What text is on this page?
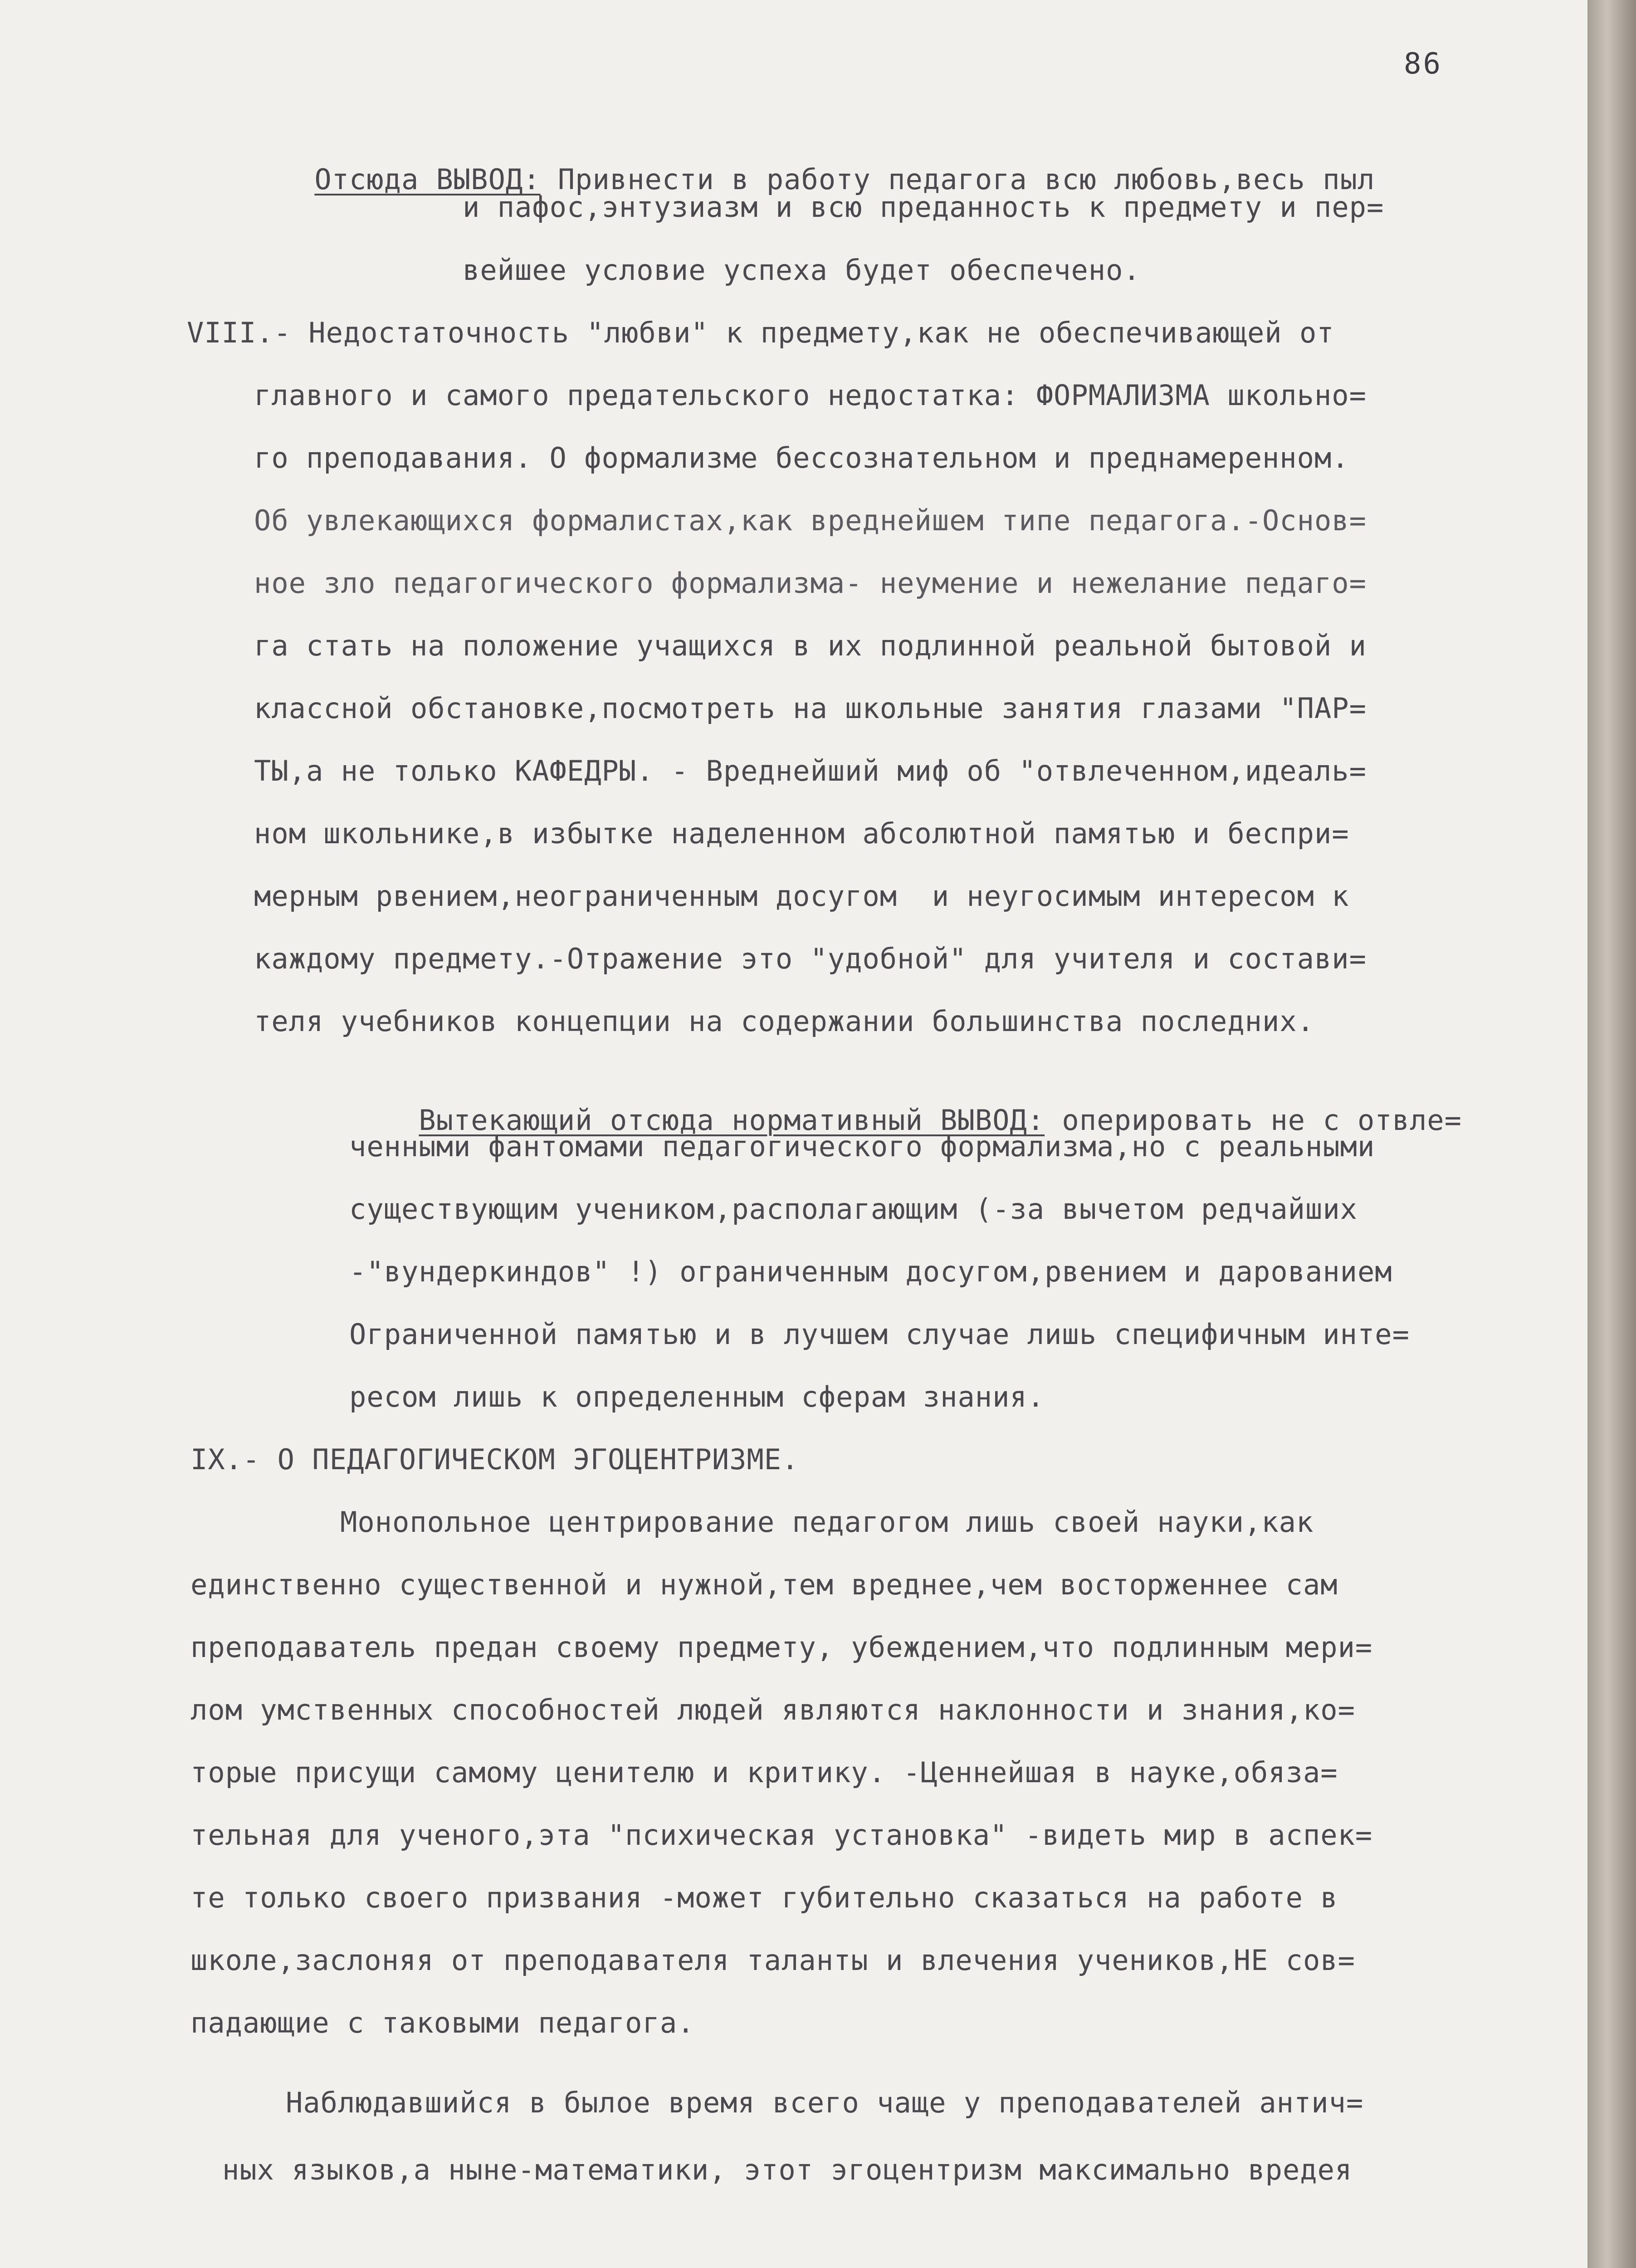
86

Отсюда ВЫВОД: Привнести в работу педагога всю любовь,весь пыл

и пафос,энтузиазм и всю преданность к предмету и пер=
вейшее условие успеха будет обеспечено.
VIII.- Недостаточность "любви" к предмету,как не обеспечивающей от
главного и самого предательского недостатка: ФОРМАЛИЗМА школьно=
го преподавания. О формализме бессознательном и преднамеренном.
Об увлекающихся формалистах,как вреднейшем типе педагога.-Основ=
ное зло педагогического формализма- неумение и нежелание педаго=
га стать на положение учащихся в их подлинной реальной бытовой и
классной обстановке,посмотреть на школьные занятия глазами "ПАР=
ТЫ,а не только КАФЕДРЫ. - Вреднейший миф об "отвлеченном,идеаль=
ном школьнике,в избытке наделенном абсолютной памятью и беспри=
мерным рвением,неограниченным досугом  и неугосимым интересом к
каждому предмету.-Отражение это "удобной" для учителя и состави=
теля учебников концепции на содержании большинства последних.

Вытекающий отсюда нормативный ВЫВОД: оперировать не с отвле=

ченными фантомами педагогического формализма,но с реальными
существующим учеником,располагающим (-за вычетом редчайших
-"вундеркиндов" !) ограниченным досугом,рвением и дарованием
Ограниченной памятью и в лучшем случае лишь специфичным инте=
ресом лишь к определенным сферам знания.
IX.- О ПЕДАГОГИЧЕСКОМ ЭГОЦЕНТРИЗМЕ.
Монопольное центрирование педагогом лишь своей науки,как
единственно существенной и нужной,тем вреднее,чем восторженнее сам
преподаватель предан своему предмету, убеждением,что подлинным мери=
лом умственных способностей людей являются наклонности и знания,ко=
торые присущи самому ценителю и критику. -Ценнейшая в науке,обяза=
тельная для ученого,эта "психическая установка" -видеть мир в аспек=
те только своего призвания -может губительно сказаться на работе в
школе,заслоняя от преподавателя таланты и влечения учеников,НЕ сов=
падающие с таковыми педагога.
Наблюдавшийся в былое время всего чаще у преподавателей антич=
ных языков,а ныне-математики, этот эгоцентризм максимально вредея
